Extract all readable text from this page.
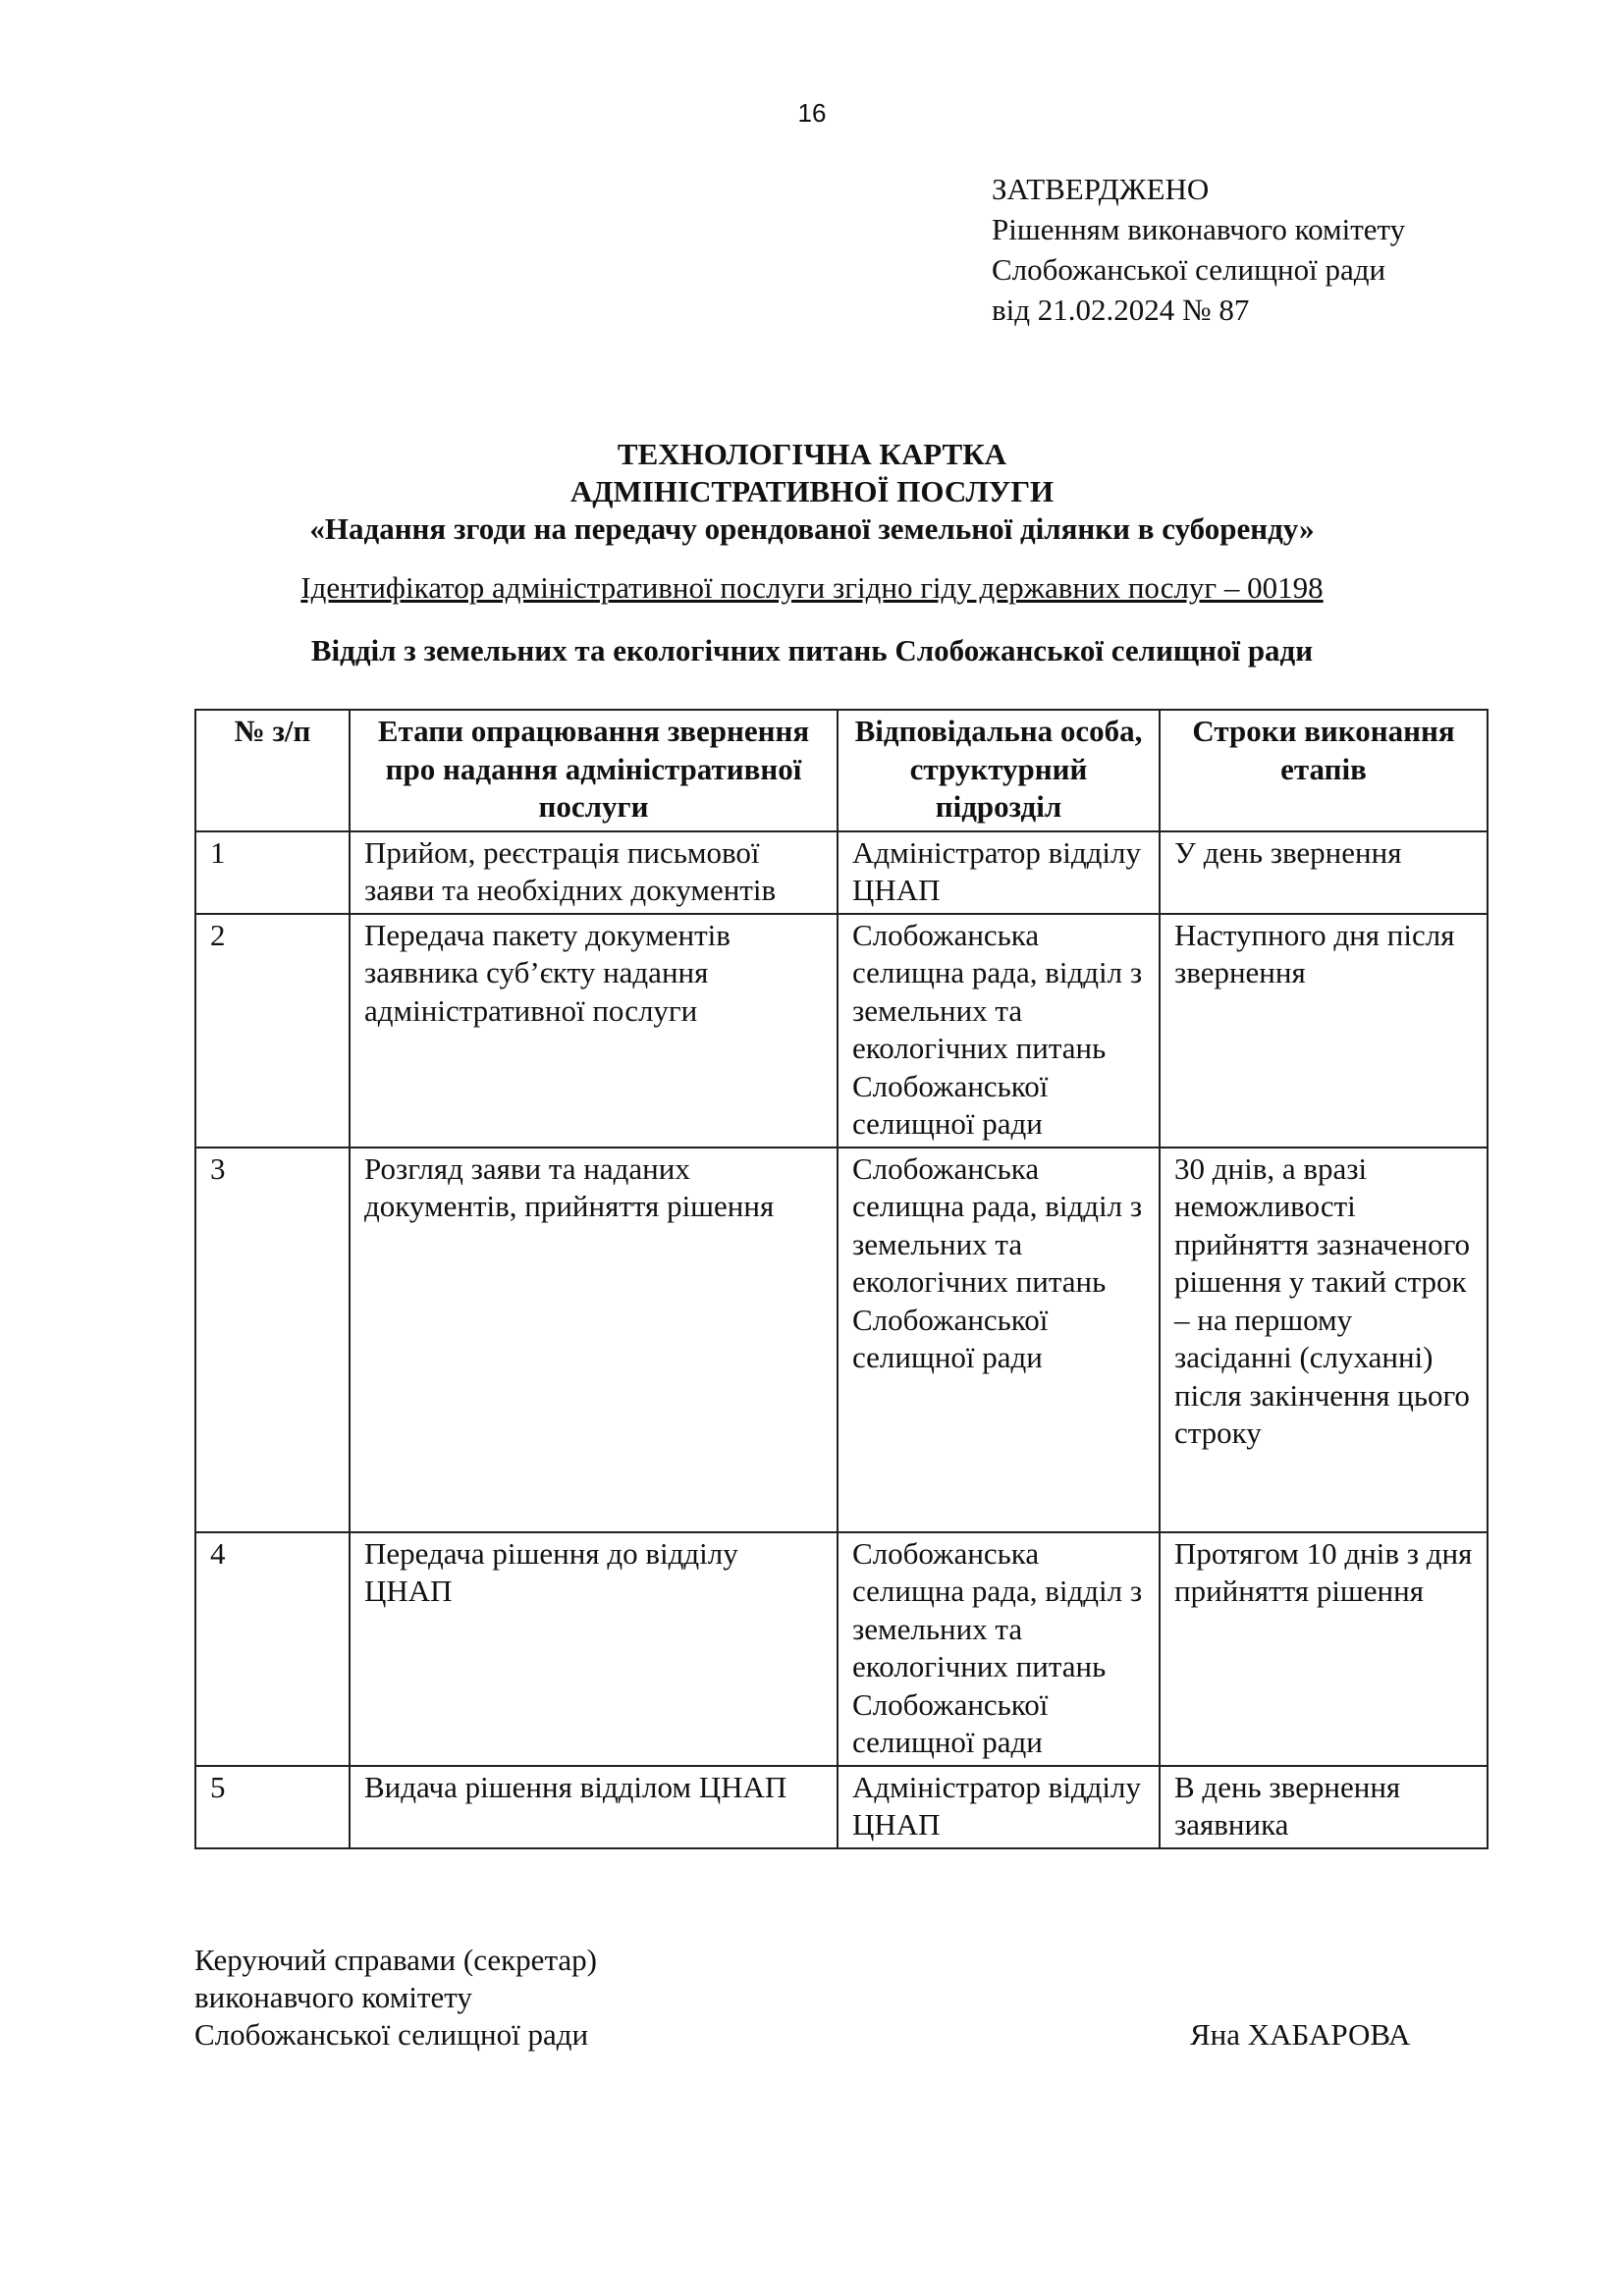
16
ЗАТВЕРДЖЕНО
Рішенням виконавчого комітету
Слобожанської селищної ради
від 21.02.2024 № 87
ТЕХНОЛОГІЧНА КАРТКА
АДМІНІСТРАТИВНОЇ ПОСЛУГИ
«Надання згоди на передачу орендованої земельної ділянки в суборенду»
Ідентифікатор адміністративної послуги згідно гіду державних послуг – 00198
Відділ з земельних та екологічних питань Слобожанської селищної ради
№ з/п	Етапи опрацювання звернення про надання адміністративної послуги	Відповідальна особа, структурний підрозділ	Строки виконання етапів
1	Прийом, реєстрація письмової заяви та необхідних документів	Адміністратор відділу ЦНАП	У день звернення
2	Передача пакету документів заявника суб’єкту надання адміністративної послуги	Слобожанська селищна рада, відділ з земельних та екологічних питань Слобожанської селищної ради	Наступного дня після звернення
3	Розгляд заяви та наданих документів, прийняття рішення	Слобожанська селищна рада, відділ з земельних та екологічних питань Слобожанської селищної ради	30 днів, а вразі неможливості прийняття зазначеного рішення у такий строк – на першому засіданні (слуханні) після закінчення цього строку
4	Передача рішення до відділу ЦНАП	Слобожанська селищна рада, відділ з земельних та екологічних питань Слобожанської селищної ради	Протягом 10 днів з дня прийняття рішення
5	Видача рішення відділом ЦНАП	Адміністратор відділу ЦНАП	В день звернення заявника
Керуючий справами (секретар)
виконавчого комітету
Слобожанської селищної ради	Яна ХАБАРОВА
